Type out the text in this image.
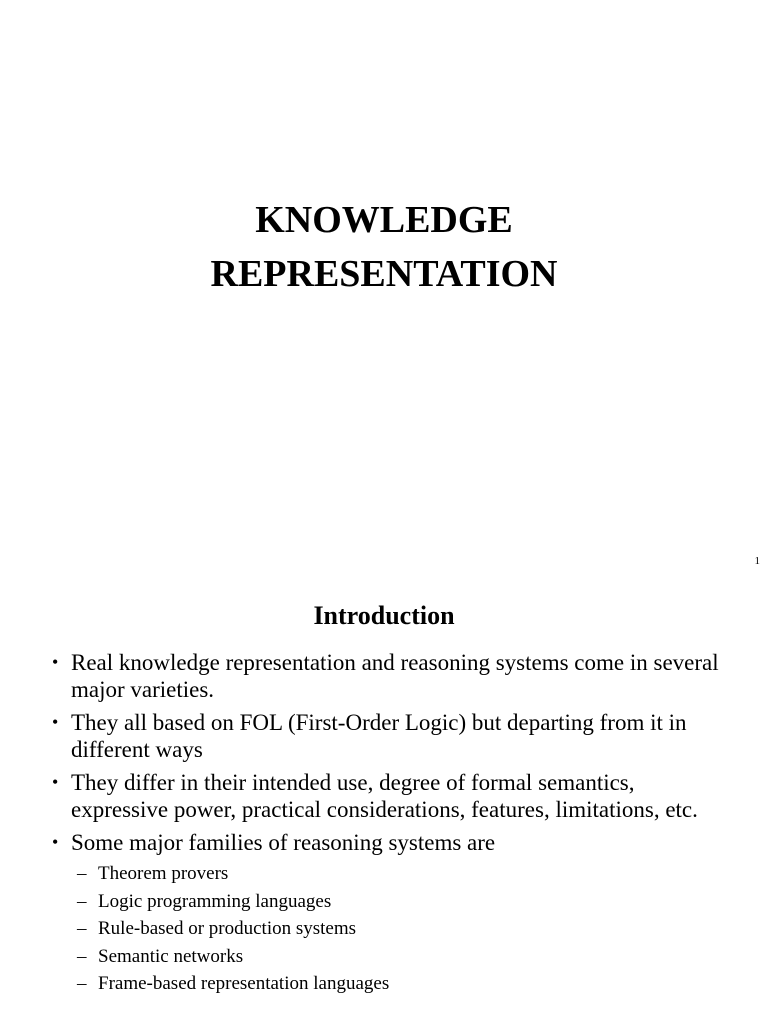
KNOWLEDGE
REPRESENTATION
1
Introduction
• Real knowledge representation and reasoning systems come in several major varieties.
• They all based on FOL (First-Order Logic) but departing from it in different ways
• They differ in their intended use, degree of formal semantics, expressive power, practical considerations, features, limitations, etc.
• Some major families of reasoning systems are
– Theorem provers
– Logic programming languages
– Rule-based or production systems
– Semantic networks
– Frame-based representation languages
